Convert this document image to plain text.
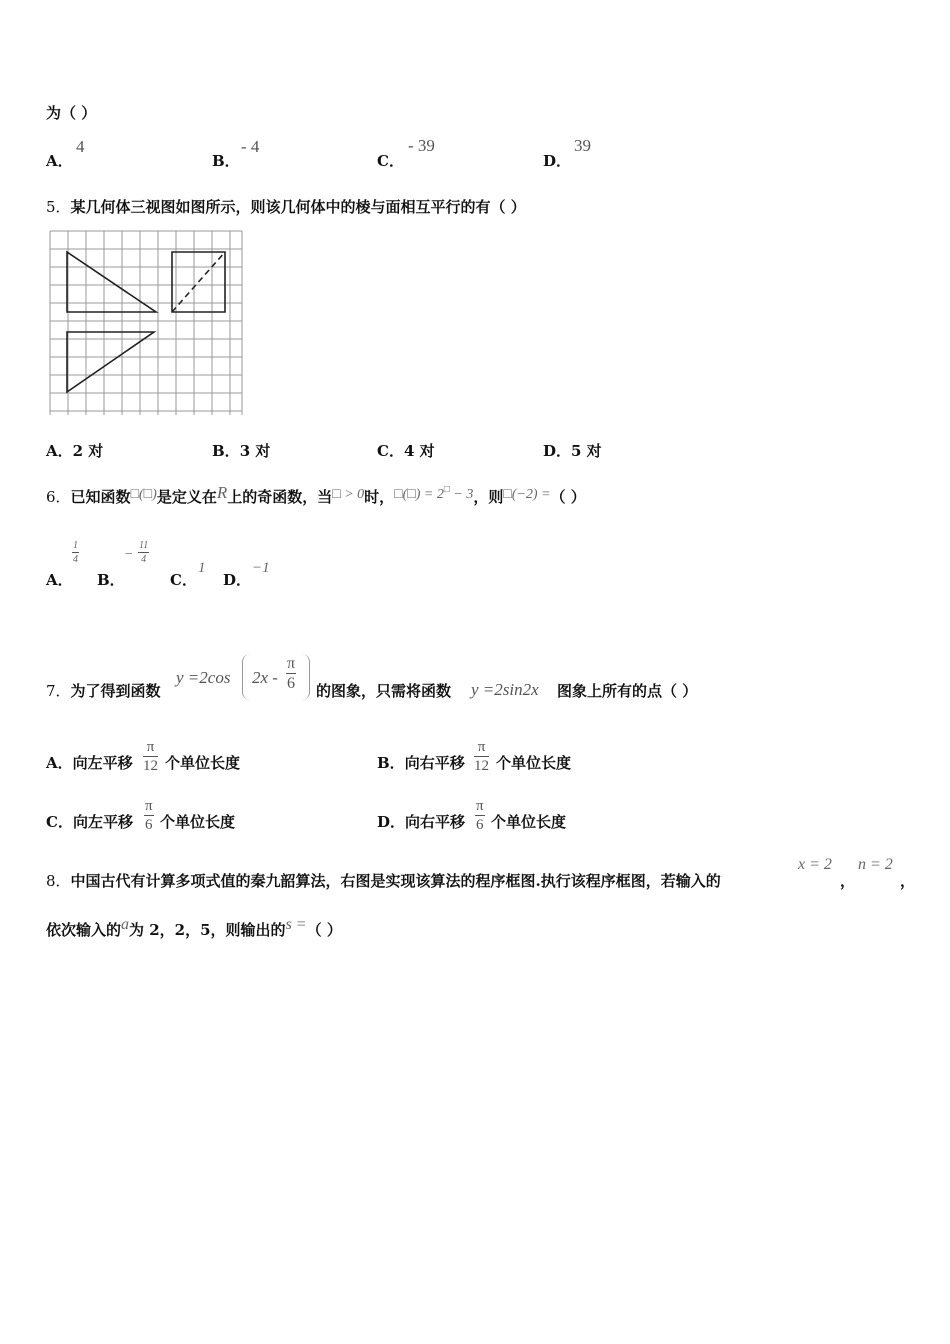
为（ ）
A．
4
B．
- 4
C．
- 39
D．
39
5．某几何体三视图如图所示，则该几何体中的棱与面相互平行的有（ ）
A．2 对	B．3 对	C．4 对	D．5 对
6．已知函数□(□)是定义在R上的奇函数，当□ > 0时，□(□) = 2□ − 3，则□(−2) =（ ）
A．
$\frac{1}{4}$
B．
− $\frac{11}{4}$
C．
1
D．
−1
7．为了得到函数
y =2cos $2x - \frac{\pi}{6}$ 的图象，只需将函数 y =2sin2x 图象上所有的点（ ）
A．向左平移 $\frac{\pi}{12}$ 个单位长度	B．向右平移 $\frac{\pi}{12}$ 个单位长度
C．向左平移 $\frac{\pi}{6}$ 个单位长度	D．向右平移 $\frac{\pi}{6}$ 个单位长度
8．中国古代有计算多项式值的秦九韶算法，右图是实现该算法的程序框图.执行该程序框图，若输入的
x = 2
，
n = 2
，
依次输入的a为 2，2，5，则输出的s =（ ）
